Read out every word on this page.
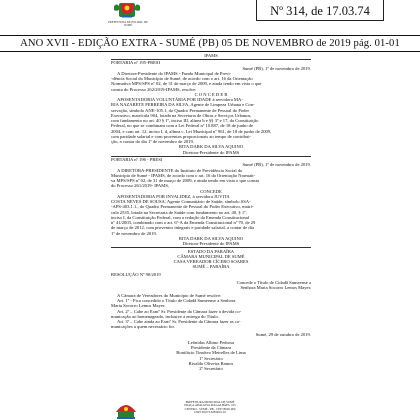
PREFEITURA MUNICIPAL DE SUMÉ
Nº 314, de 17.03.74
ANO XVII - EDIÇÃO EXTRA - SUMÉ (PB) 05 DE NOVEMBRO de 2019 pág. 01-01

IPAMS

PORTARIA nº 195-PRESI

Sumé (PB), 1º de novembro de 2019.

A Diretora-Presidente do IPAMS - Fundo Municipal de Previ-

-dência Social do Município de Sumé, de acordo com o art. 16 da Orientação

Normativa MPS/SPS nº 02, de 31 de março de 2009, e ainda tendo em vista o que

consta do Processo 262/2019-IPAMS, resolve:

C O N C E D E R

APOSENTADORIA VOLUNTÁRIA POR IDADE à servidora MA-

RIA NAZARETE FERREIRA DA SILVA, Agente de Limpeza Urbana e Con-

servação, símbolo ANE-105.1, do Quadro Permanente de Pessoal do Poder

Executivo, matrícula 904, lotada na Secretaria de Obras e Serviços Urbanos,

com fundamento no art. 40 § 1º, inciso III, alínea b e §§ 3º e 17, da Constituição

Federal, no que se combinam com a Lei Federal nº 10.887, de 18 de junho de

2004, e com art. 12, inciso I, d, alínea c, Lei Municipal nº 961, de 18 de junho de 2009,

com paridade salarial e com proventos proporcionais ao tempo de contribui-

ção, a contar do dia 1º de novembro de 2019.

RITA DARK DA SILVA AQUINO

Diretora-Presidente do IPAMS

PORTARIA nº 196 - PRESI

Sumé (PB), 1º de novembro de 2019.

A DIRETORA-PRESIDENTE do Instituto de Previdência Social do

Município de Sumé - IPAMS, de acordo com o art. 16 da Orientação Normati-

va MPS/SPS nº 02, de 31 de março de 2009, e ainda tendo em vista o que consta

do Processo 261/2019- IPAMS,

CONCEDE

APOSENTADORIA POR INVALIDEZ, à servidora JUVITA

COSTA NEVES DE SOUSA, Agente Comunitário de Saúde, símbolo SSA-

-APS-403.1.1., do Quadro Permanente de Pessoal do Poder Executivo, matrí-

cula 2535, lotada na Secretaria de Saúde com fundamento no art. 40, § 1º,

inciso I, da Constituição Federal, com a redação da Emenda Constitucional

nº 41/2003, combinado com o art. 6º-A da Emenda Constitucional nº 70, de 29

de março de 2012, com proventos integrais e paridade salarial, a contar de dia

1º de novembro de 2019.

RITA DARK DA SILVA AQUINO

Diretora-Presidente do IPAMS

ESTADO DA PARAÍBA

CÂMARA MUNICIPAL DE SUMÉ

CASA VEREADOR CÍCERO SOARES

SUMÉ – PARAÍBA

RESOLUÇÃO Nº 90/2019

Concede o Título de Cidadã Sumeense a

Senhora Maria Socorro Lemos Mayer.

A Câmara de Vereadores do Município de Sumé resolve:

Art. 1º - Fica concedido o Título de Cidadã Sumeense a Senhora

Maria Socorro Lemos Mayer.

Art. 2º – Cabe ao Exmº Sr. Presidente da Câmara fazer a devida co-

municação ao homenageado, inclusive a entrega do Título.

Art. 3º – Cabe ainda ao Exmº Sr. Presidente da Câmara fazer as co-

municações a quem necessário for.

Sumé, 29 de outubro de 2019.

Leônidas Albino Pedrosa

Presidente da Câmara

Bonifácio Timóteo Meirelles de Lima

1º Secretário

Rivaldo Oliveira Ramos

2º Secretário

PREFEITURA MUNICIPAL DE SUMÉ
PRAÇA ADALGISA MAGALHÃES, 105
CENTRO - SUMÉ - PB - CEP 58540-000
CNPJ 09.073.628/0001-91
